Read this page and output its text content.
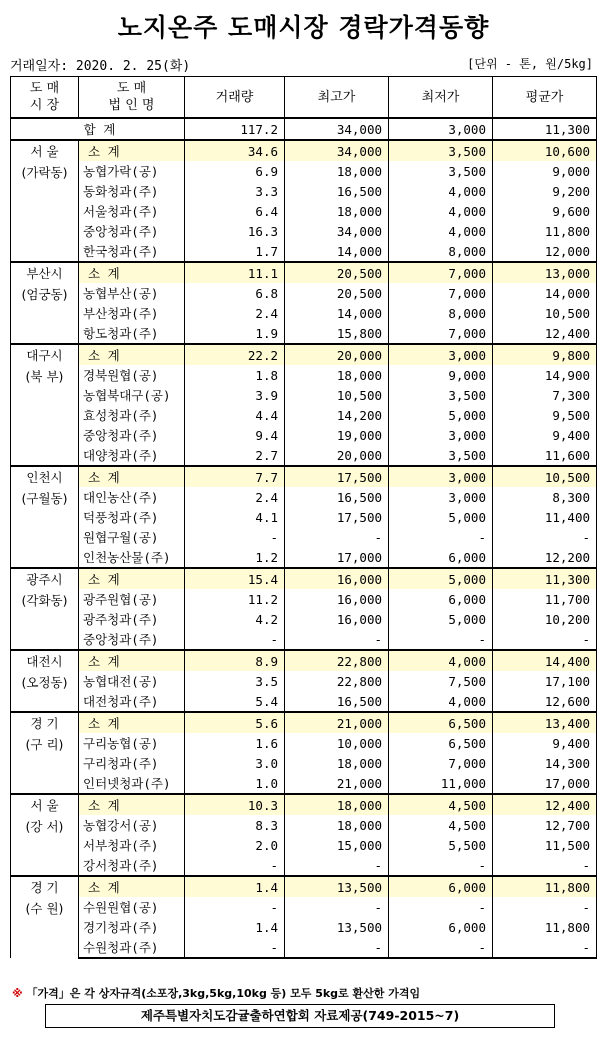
노지온주 도매시장 경락가격동향
거래일자: 2020. 2. 25(화)	[단위 - 톤, 원/5kg]
도 매
시 장	도 매
법 인 명	거래량	최고가	최저가	평균가
합 계		117.2	34,000	3,000	11,300

서 울
(가락동)	소 계	34.6	34,000	3,500	10,600
	농협가락(공)	6.9	18,000	3,500	9,000
	동화청과(주)	3.3	16,500	4,000	9,200
	서울청과(주)	6.4	18,000	4,000	9,600
	중앙청과(주)	16.3	34,000	4,000	11,800
	한국청과(주)	1.7	14,000	8,000	12,000

부산시
(엄궁동)	소 계	11.1	20,500	7,000	13,000
	농협부산(공)	6.8	20,500	7,000	14,000
	부산청과(주)	2.4	14,000	8,000	10,500
	항도청과(주)	1.9	15,800	7,000	12,400

대구시
(북 부)	소 계	22.2	20,000	3,000	9,800
	경북원협(공)	1.8	18,000	9,000	14,900
	농협북대구(공)	3.9	10,500	3,500	7,300
	효성청과(주)	4.4	14,200	5,000	9,500
	중앙청과(주)	9.4	19,000	3,000	9,400
	대양청과(주)	2.7	20,000	3,500	11,600

인천시
(구월동)	소 계	7.7	17,500	3,000	10,500
	대인농산(주)	2.4	16,500	3,000	8,300
	덕풍청과(주)	4.1	17,500	5,000	11,400
	원협구월(공)	-	-	-	-
	인천농산물(주)	1.2	17,000	6,000	12,200

광주시
(각화동)	소 계	15.4	16,000	5,000	11,300
	광주원협(공)	11.2	16,000	6,000	11,700
	광주청과(주)	4.2	16,000	5,000	10,200
	중앙청과(주)	-	-	-	-

대전시
(오정동)	소 계	8.9	22,800	4,000	14,400
	농협대전(공)	3.5	22,800	7,500	17,100
	대전청과(주)	5.4	16,500	4,000	12,600

경 기
(구 리)	소 계	5.6	21,000	6,500	13,400
	구리농협(공)	1.6	10,000	6,500	9,400
	구리청과(주)	3.0	18,000	7,000	14,300
	인터넷청과(주)	1.0	21,000	11,000	17,000

서 울
(강 서)	소 계	10.3	18,000	4,500	12,400
	농협강서(공)	8.3	18,000	4,500	12,700
	서부청과(주)	2.0	15,000	5,500	11,500
	강서청과(주)	-	-	-	-

경 기
(수 원)	소 계	1.4	13,500	6,000	11,800
	수원원협(공)	-	-	-	-
	경기청과(주)	1.4	13,500	6,000	11,800
	수원청과(주)	-	-	-	-
※ 「가격」은 각 상자규격(소포장,3kg,5kg,10kg 등) 모두 5kg로 환산한 가격임
제주특별자치도감귤출하연합회 자료제공(749-2015~7)
